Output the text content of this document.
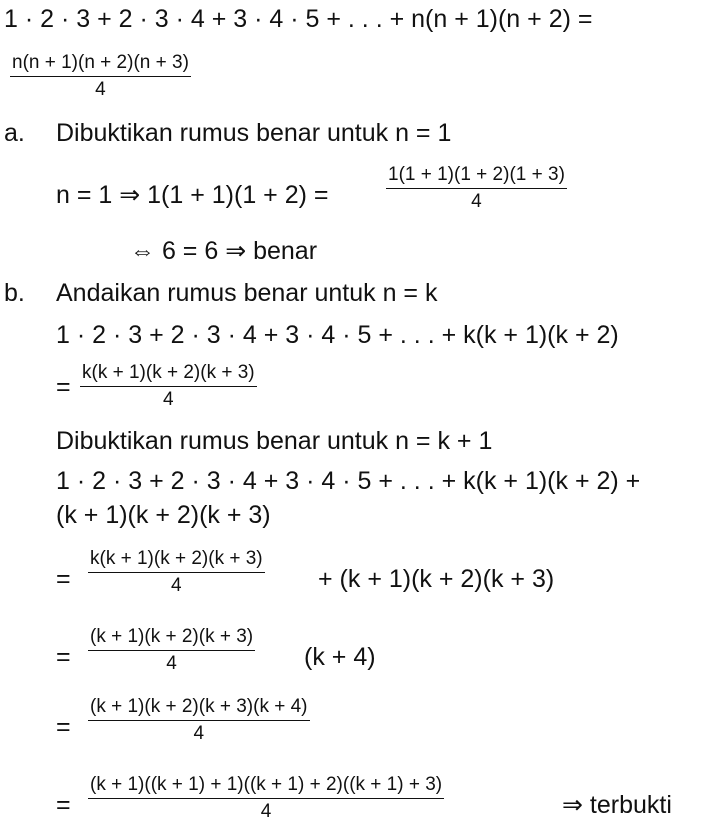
1 · 2 · 3 + 2 · 3 · 4 + 3 · 4 · 5 + . . . + n(n + 1)(n + 2) =
$\frac{n(n + 1)(n + 2)(n + 3)}{4}$
a. Dibuktikan rumus benar untuk n = 1
n = 1 ⇒ 1(1 + 1)(1 + 2) =	$\frac{1(1 + 1)(1 + 2)(1 + 3)}{4}$
⇔ 6 = 6 ⇒ benar
b. Andaikan rumus benar untuk n = k
1 · 2 · 3 + 2 · 3 · 4 + 3 · 4 · 5 + . . . + k(k + 1)(k + 2)
= $\frac{k(k + 1)(k + 2)(k + 3)}{4}$
Dibuktikan rumus benar untuk n = k + 1
1 · 2 · 3 + 2 · 3 · 4 + 3 · 4 · 5 + . . . + k(k + 1)(k + 2) +
(k + 1)(k + 2)(k + 3)
= $\frac{k(k + 1)(k + 2)(k + 3)}{4} + (k + 1)(k + 2)(k + 3)$
= $\frac{(k + 1)(k + 2)(k + 3)}{4} (k + 4)$
= $\frac{(k + 1)(k + 2)(k + 3)(k + 4)}{4}$
= $\frac{(k + 1)((k + 1) + 1)((k + 1) + 2)((k + 1) + 3)}{4}$	⇒ terbukti
